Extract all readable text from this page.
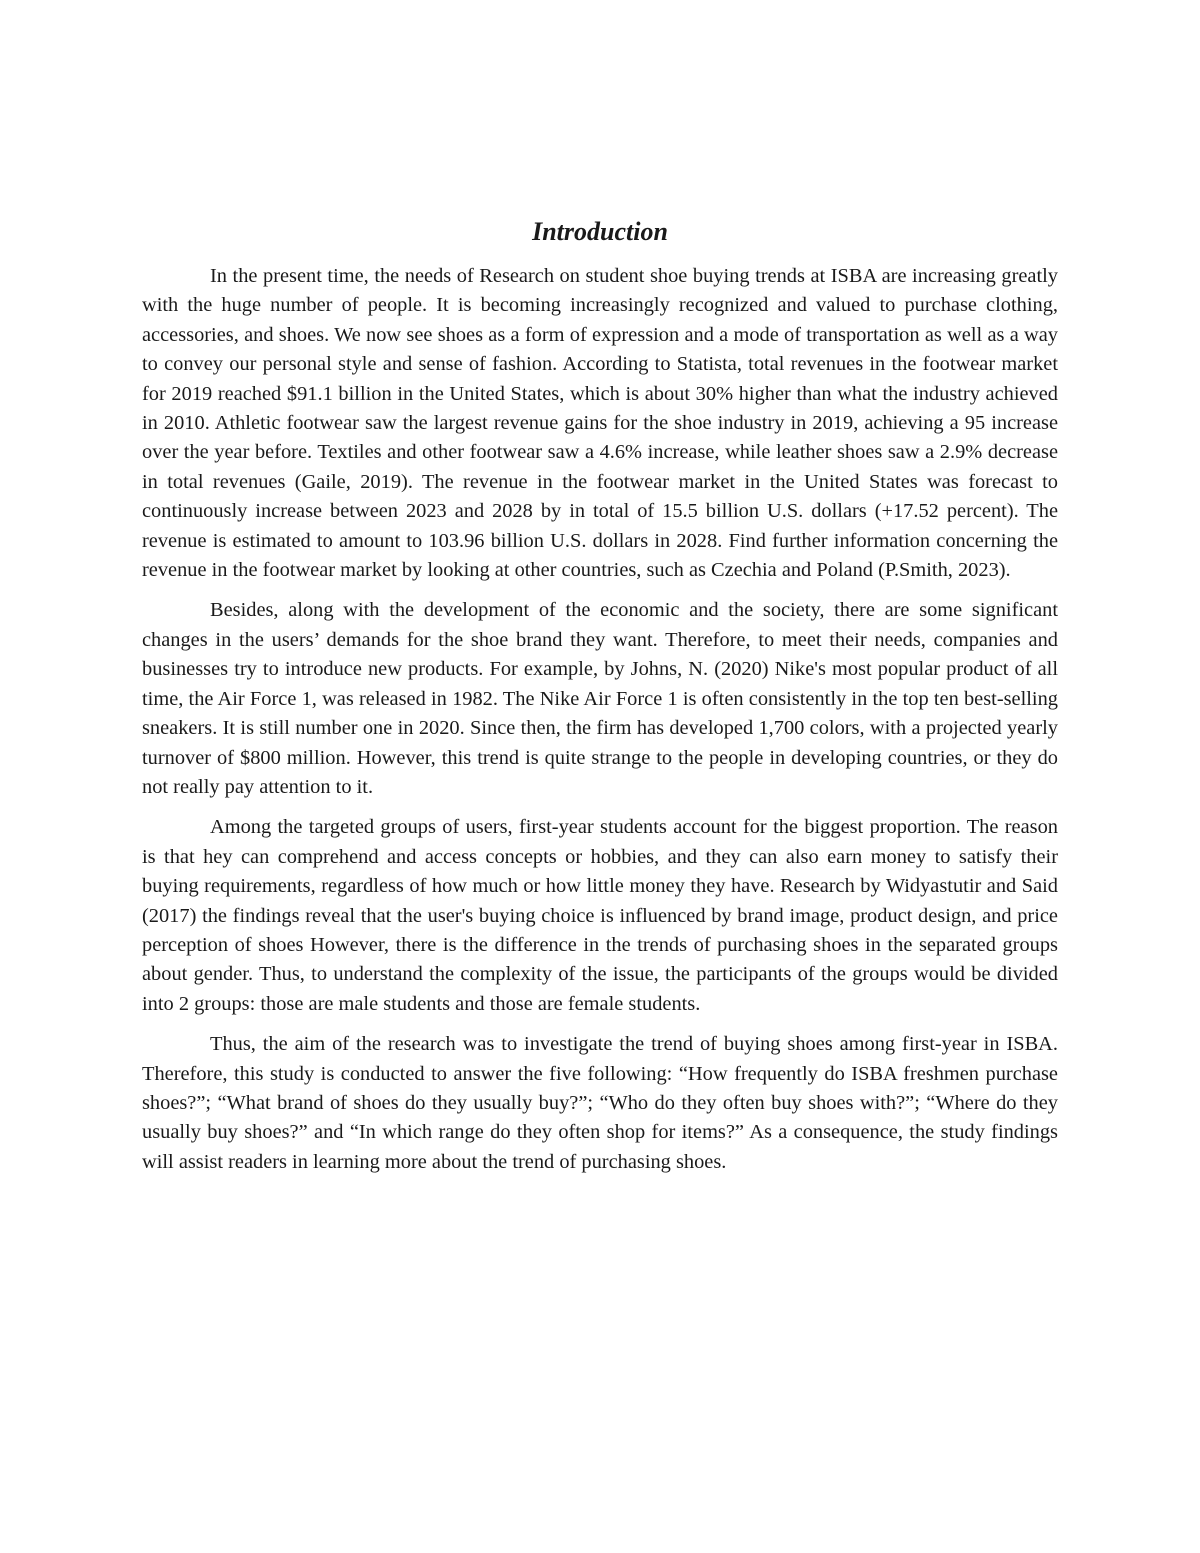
Introduction

In the present time, the needs of Research on student shoe buying trends at ISBA are increasing greatly with the huge number of people. It is becoming increasingly recognized and valued to purchase clothing, accessories, and shoes. We now see shoes as a form of expression and a mode of transportation as well as a way to convey our personal style and sense of fashion. According to Statista, total revenues in the footwear market for 2019 reached $91.1 billion in the United States, which is about 30% higher than what the industry achieved in 2010. Athletic footwear saw the largest revenue gains for the shoe industry in 2019, achieving a 95 increase over the year before. Textiles and other footwear saw a 4.6% increase, while leather shoes saw a 2.9% decrease in total revenues (Gaile, 2019). The revenue in the footwear market in the United States was forecast to continuously increase between 2023 and 2028 by in total of 15.5 billion U.S. dollars (+17.52 percent). The revenue is estimated to amount to 103.96 billion U.S. dollars in 2028. Find further information concerning the revenue in the footwear market by looking at other countries, such as Czechia and Poland (P.Smith, 2023).

Besides, along with the development of the economic and the society, there are some significant changes in the users’ demands for the shoe brand they want. Therefore, to meet their needs, companies and businesses try to introduce new products. For example, by Johns, N. (2020) Nike's most popular product of all time, the Air Force 1, was released in 1982. The Nike Air Force 1 is often consistently in the top ten best-selling sneakers. It is still number one in 2020. Since then, the firm has developed 1,700 colors, with a projected yearly turnover of $800 million. However, this trend is quite strange to the people in developing countries, or they do not really pay attention to it.

Among the targeted groups of users, first-year students account for the biggest proportion. The reason is that hey can comprehend and access concepts or hobbies, and they can also earn money to satisfy their buying requirements, regardless of how much or how little money they have. Research by Widyastutir and Said (2017) the findings reveal that the user's buying choice is influenced by brand image, product design, and price perception of shoes However, there is the difference in the trends of purchasing shoes in the separated groups about gender. Thus, to understand the complexity of the issue, the participants of the groups would be divided into 2 groups: those are male students and those are female students.

Thus, the aim of the research was to investigate the trend of buying shoes among first-year in ISBA. Therefore, this study is conducted to answer the five following: “How frequently do ISBA freshmen purchase shoes?”; “What brand of shoes do they usually buy?”; “Who do they often buy shoes with?”; “Where do they usually buy shoes?” and “In which range do they often shop for items?” As a consequence, the study findings will assist readers in learning more about the trend of purchasing shoes.
